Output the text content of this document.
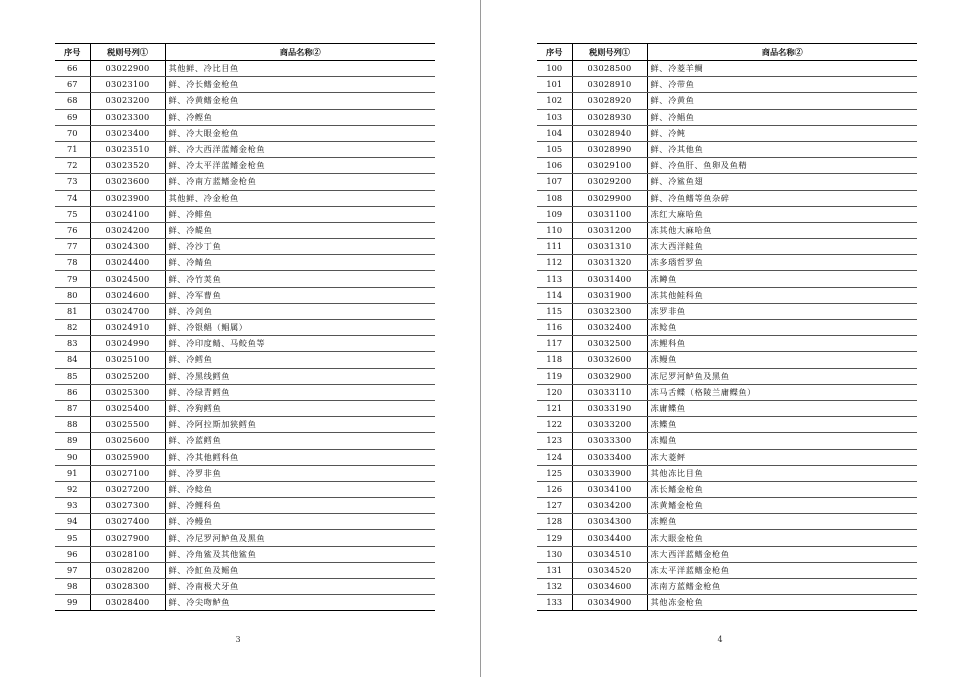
序号	税则号列①	商品名称②
66	03022900	其他鲜、冷比目鱼
67	03023100	鲜、冷长鳍金枪鱼
68	03023200	鲜、冷黄鳍金枪鱼
69	03023300	鲜、冷鲣鱼
70	03023400	鲜、冷大眼金枪鱼
71	03023510	鲜、冷大西洋蓝鳍金枪鱼
72	03023520	鲜、冷太平洋蓝鳍金枪鱼
73	03023600	鲜、冷南方蓝鳍金枪鱼
74	03023900	其他鲜、冷金枪鱼
75	03024100	鲜、冷鲱鱼
76	03024200	鲜、冷鳀鱼
77	03024300	鲜、冷沙丁鱼
78	03024400	鲜、冷鲭鱼
79	03024500	鲜、冷竹荚鱼
80	03024600	鲜、冷军曹鱼
81	03024700	鲜、冷剑鱼
82	03024910	鲜、冷银鲳（鲳属）
83	03024990	鲜、冷印度鲭、马鲛鱼等
84	03025100	鲜、冷鳕鱼
85	03025200	鲜、冷黑线鳕鱼
86	03025300	鲜、冷绿青鳕鱼
87	03025400	鲜、冷狗鳕鱼
88	03025500	鲜、冷阿拉斯加狭鳕鱼
89	03025600	鲜、冷蓝鳕鱼
90	03025900	鲜、冷其他鳕科鱼
91	03027100	鲜、冷罗非鱼
92	03027200	鲜、冷鲶鱼
93	03027300	鲜、冷鲤科鱼
94	03027400	鲜、冷鳗鱼
95	03027900	鲜、冷尼罗河鲈鱼及黑鱼
96	03028100	鲜、冷角鲨及其他鲨鱼
97	03028200	鲜、冷魟鱼及鳐鱼
98	03028300	鲜、冷南极犬牙鱼
99	03028400	鲜、冷尖吻鲈鱼
序号	税则号列①	商品名称②
100	03028500	鲜、冷菱羊鲷
101	03028910	鲜、冷带鱼
102	03028920	鲜、冷黄鱼
103	03028930	鲜、冷鲳鱼
104	03028940	鲜、冷鲀
105	03028990	鲜、冷其他鱼
106	03029100	鲜、冷鱼肝、鱼卵及鱼精
107	03029200	鲜、冷鲨鱼翅
108	03029900	鲜、冷鱼鳍等鱼杂碎
109	03031100	冻红大麻哈鱼
110	03031200	冻其他大麻哈鱼
111	03031310	冻大西洋鲑鱼
112	03031320	冻多瑙哲罗鱼
113	03031400	冻鳟鱼
114	03031900	冻其他鲑科鱼
115	03032300	冻罗非鱼
116	03032400	冻鲶鱼
117	03032500	冻鲤科鱼
118	03032600	冻鳗鱼
119	03032900	冻尼罗河鲈鱼及黑鱼
120	03033110	冻马舌鲽（格陵兰庸鲽鱼）
121	03033190	冻庸鲽鱼
122	03033200	冻鲽鱼
123	03033300	冻鳎鱼
124	03033400	冻大菱鲆
125	03033900	其他冻比目鱼
126	03034100	冻长鳍金枪鱼
127	03034200	冻黄鳍金枪鱼
128	03034300	冻鲣鱼
129	03034400	冻大眼金枪鱼
130	03034510	冻大西洋蓝鳍金枪鱼
131	03034520	冻太平洋蓝鳍金枪鱼
132	03034600	冻南方蓝鳍金枪鱼
133	03034900	其他冻金枪鱼
3	4
